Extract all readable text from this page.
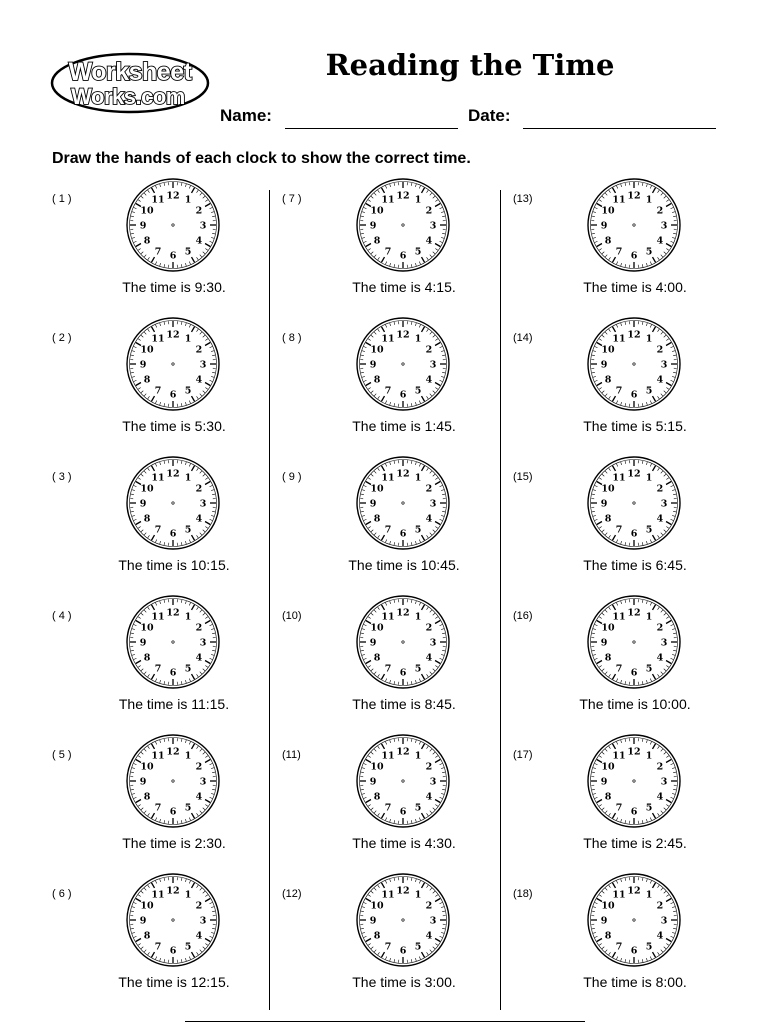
Worksheet
Works.com
Reading the Time
Name:	Date:
Draw the hands of each clock to show the correct time.
( 1 )	12 1
2
3
4
5
6
7
8
9
10
11
The time is 9:30.
( 2 )	12 1
2
3
4
5
6
7
8
9
10
11
The time is 5:30.
( 3 )	12 1
2
3
4
5
6
7
8
9
10
11
The time is 10:15.
( 4 )	12 1
2
3
4
5
6
7
8
9
10
11
The time is 11:15.
( 5 )	12 1
2
3
4
5
6
7
8
9
10
11
The time is 2:30.
( 6 )	12 1
2
3
4
5
6
7
8
9
10
11
The time is 12:15.
( 7 )	12 1
2
3
4
5
6
7
8
9
10
11
The time is 4:15.
( 8 )	12 1
2
3
4
5
6
7
8
9
10
11
The time is 1:45.
( 9 )	12 1
2
3
4
5
6
7
8
9
10
11
The time is 10:45.
(10)	12 1
2
3
4
5
6
7
8
9
10
11
The time is 8:45.
(11)	12 1
2
3
4
5
6
7
8
9
10
11
The time is 4:30.
(12)	12 1
2
3
4
5
6
7
8
9
10
11
The time is 3:00.
(13)	12 1
2
3
4
5
6
7
8
9
10
11
The time is 4:00.
(14)	12 1
2
3
4
5
6
7
8
9
10
11
The time is 5:15.
(15)	12 1
2
3
4
5
6
7
8
9
10
11
The time is 6:45.
(16)	12 1
2
3
4
5
6
7
8
9
10
11
The time is 10:00.
(17)	12 1
2
3
4
5
6
7
8
9
10
11
The time is 2:45.
(18)	12 1
2
3
4
5
6
7
8
9
10
11
The time is 8:00.
